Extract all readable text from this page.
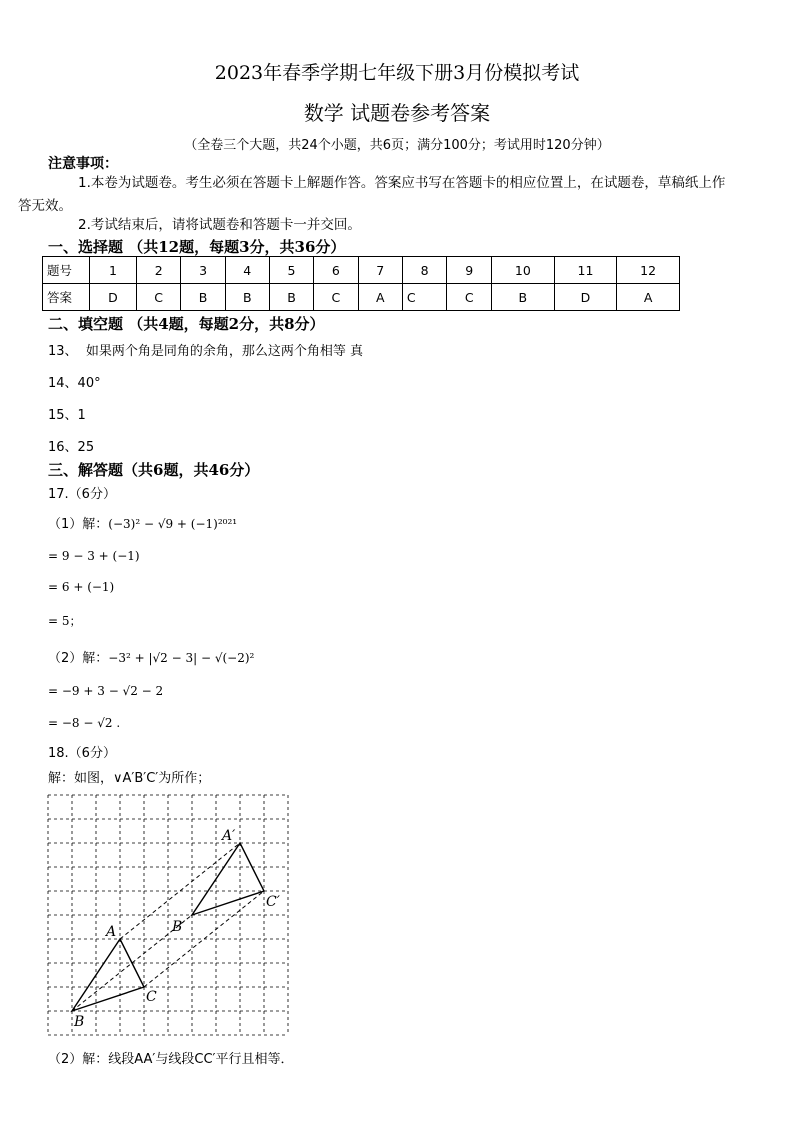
2023年春季学期七年级下册3月份模拟考试
数学 试题卷参考答案
（全卷三个大题，共24个小题，共6页；满分100分；考试用时120分钟）
注意事项：
1.本卷为试题卷。考生必须在答题卡上解题作答。答案应书写在答题卡的相应位置上，在试题卷，草稿纸上作
答无效。
2.考试结束后，请将试题卷和答题卡一并交回。
一、选择题 （共12题，每题3分，共36分）
题号	1	2	3	4	5	6	7	8	9	10	11	12
答案	D	C	B	B	B	C	A	C	C	B	D	A
二、填空题 （共4题，每题2分，共8分）
13、 如果两个角是同角的余角，那么这两个角相等 真
14、40°
15、1
16、25
三、解答题（共6题，共46分）
17.（6分）
（1）解：(−3)² − √9 + (−1)²⁰²¹
= 9 − 3 + (−1)
= 6 + (−1)
= 5；
（2）解：−3² + |√2 − 3| − √(−2)²
= −9 + 3 − √2 − 2
= −8 − √2 .
18.（6分）
解：如图，∨A′B′C′为所作；
A
B
C
A′
B′
C′
（2）解：线段AA′与线段CC′平行且相等．
